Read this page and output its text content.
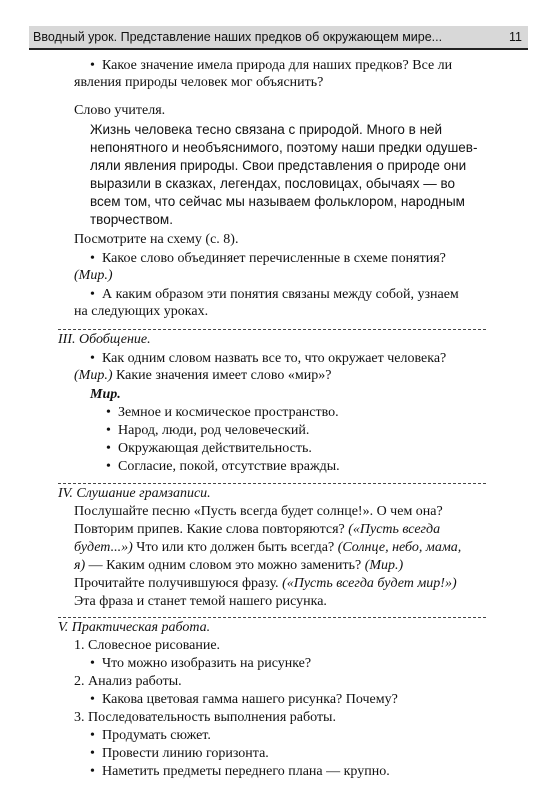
Вводный урок. Представление наших предков об окружающем мире...	11
• Какое значение имела природа для наших предков? Все ли
явления природы человек мог объяснить?
Слово учителя.
Жизнь человека тесно связана с природой. Много в ней
непонятного и необъяснимого, поэтому наши предки одушев-
ляли явления природы. Свои представления о природе они
выразили в сказках, легендах, пословицах, обычаях — во
всем том, что сейчас мы называем фольклором, народным
творчеством.
Посмотрите на схему (с. 8).
• Какое слово объединяет перечисленные в схеме понятия?
(Мир.)
• А каким образом эти понятия связаны между собой, узнаем
на следующих уроках.
III. Обобщение.
• Как одним словом назвать все то, что окружает человека?
(Мир.) Какие значения имеет слово «мир»?
Мир.
• Земное и космическое пространство.
• Народ, люди, род человеческий.
• Окружающая действительность.
• Согласие, покой, отсутствие вражды.
IV. Слушание грамзаписи.
Послушайте песню «Пусть всегда будет солнце!». О чем она?
Повторим припев. Какие слова повторяются? («Пусть всегда
будет...») Что или кто должен быть всегда? (Солнце, небо, мама,
я) — Каким одним словом это можно заменить? (Мир.)
Прочитайте получившуюся фразу. («Пусть всегда будет мир!»)
Эта фраза и станет темой нашего рисунка.
V. Практическая работа.
1. Словесное рисование.
• Что можно изобразить на рисунке?
2. Анализ работы.
• Какова цветовая гамма нашего рисунка? Почему?
3. Последовательность выполнения работы.
• Продумать сюжет.
• Провести линию горизонта.
• Наметить предметы переднего плана — крупно.
